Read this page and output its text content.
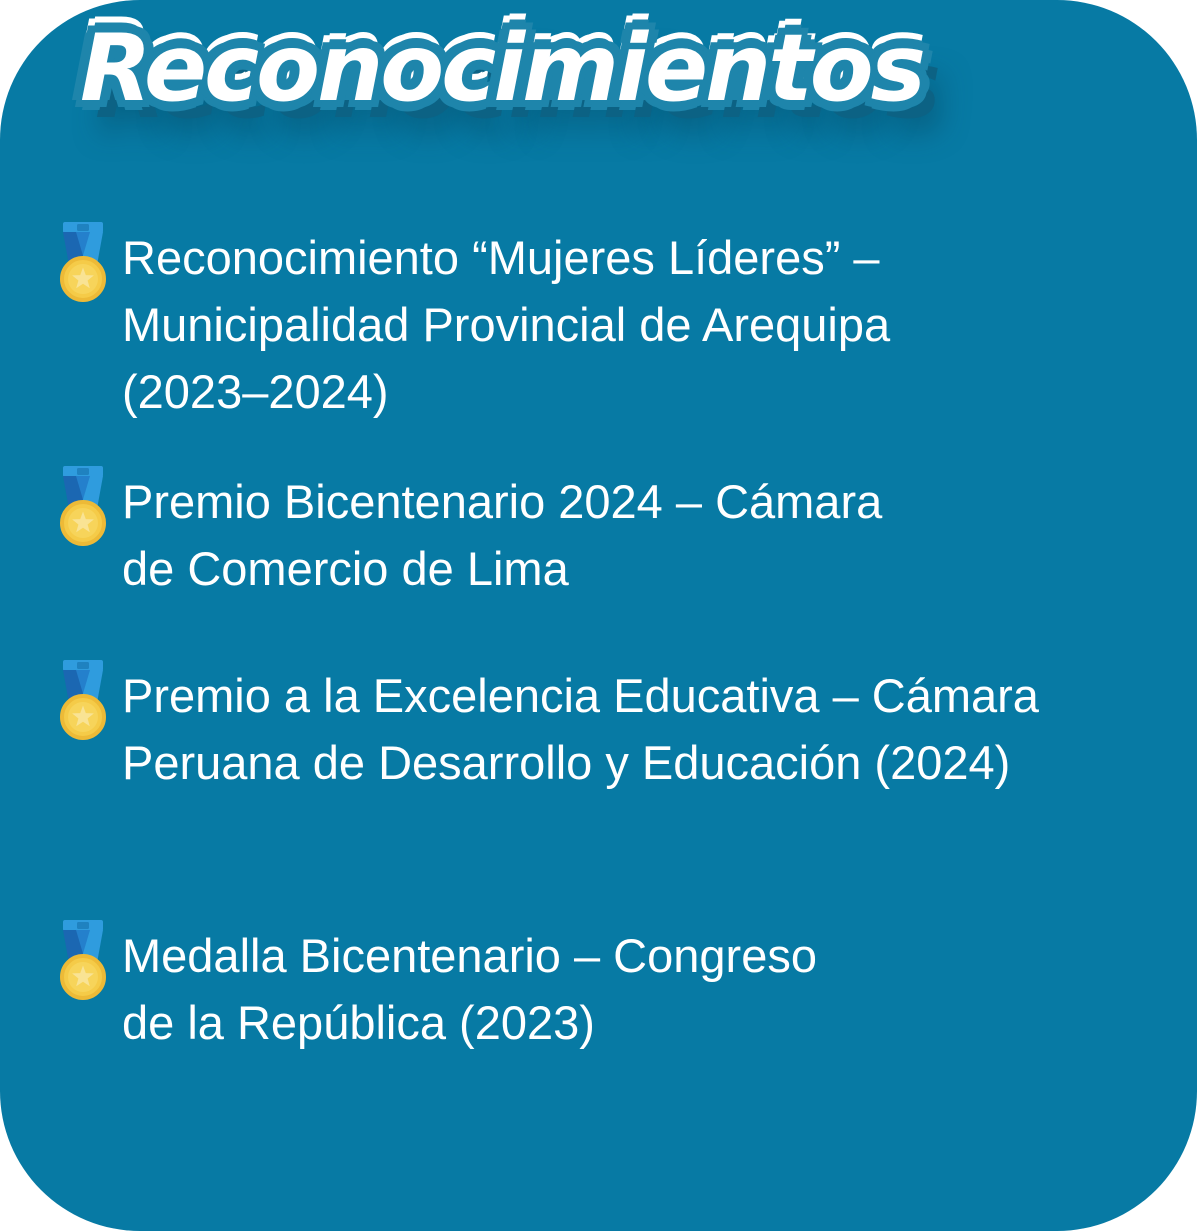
Reconocimientos
Reconocimiento “Mujeres Líderes” –
Municipalidad Provincial de Arequipa
(2023–2024)
Premio Bicentenario 2024 – Cámara
de Comercio de Lima
Premio a la Excelencia Educativa – Cámara
Peruana de Desarrollo y Educación (2024)
Medalla Bicentenario – Congreso
de la República (2023)
